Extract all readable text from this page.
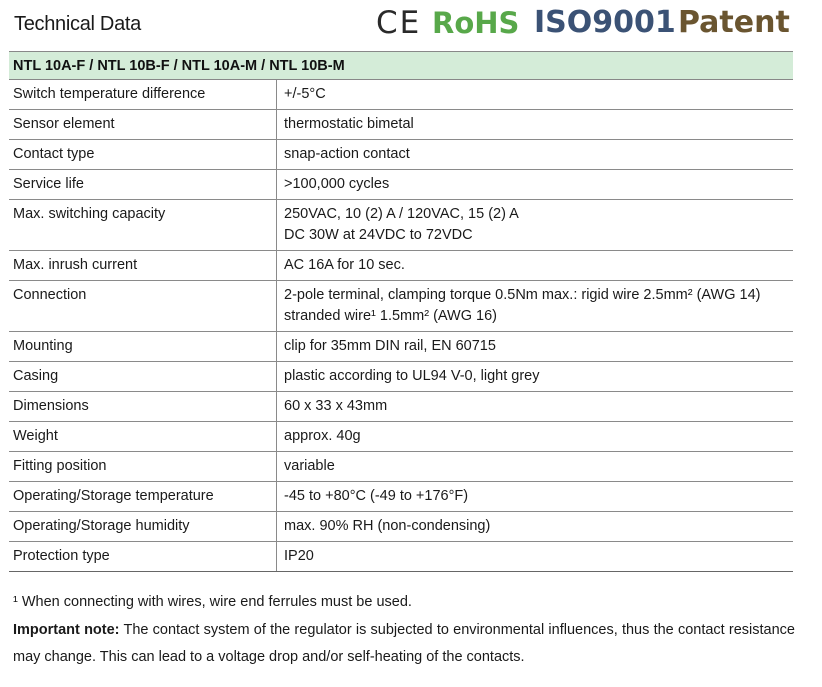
Technical Data	CE RoHS ISO9001 Patent
NTL 10A-F / NTL 10B-F / NTL 10A-M / NTL 10B-M
Switch temperature difference	+/-5°C
Sensor element	thermostatic bimetal
Contact type	snap-action contact
Service life	>100,000 cycles
Max. switching capacity	250VAC, 10 (2) A / 120VAC, 15 (2) A
DC 30W at 24VDC to 72VDC

Max. inrush current	AC 16A for 10 sec.
Connection	2-pole terminal, clamping torque 0.5Nm max.: rigid wire 2.5mm² (AWG 14)
stranded wire¹ 1.5mm² (AWG 16)

Mounting	clip for 35mm DIN rail, EN 60715
Casing	plastic according to UL94 V-0, light grey
Dimensions	60 x 33 x 43mm
Weight	approx. 40g
Fitting position	variable
Operating/Storage temperature	-45 to +80°C (-49 to +176°F)
Operating/Storage humidity	max. 90% RH (non-condensing)
Protection type	IP20
¹ When connecting with wires, wire end ferrules must be used.
Important note: The contact system of the regulator is subjected to environmental influences, thus the contact resistance may change. This can lead to a voltage drop and/or self-heating of the contacts.
